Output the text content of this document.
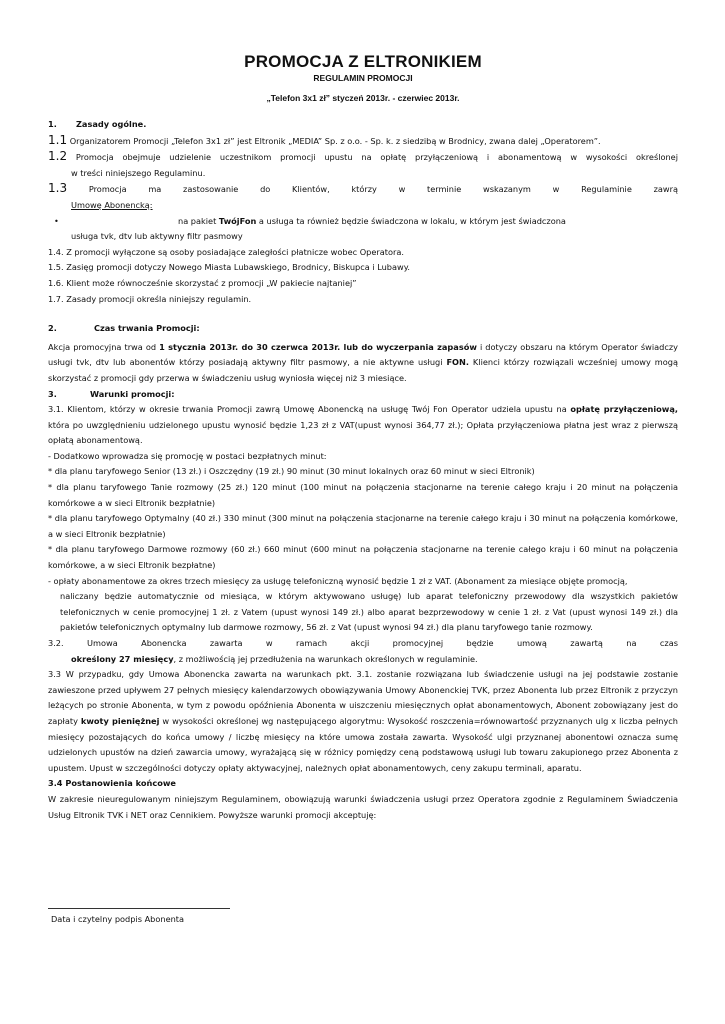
PROMOCJA Z ELTRONIKIEM
REGULAMIN PROMOCJI
„Telefon 3x1 zł” styczeń 2013r. - czerwiec 2013r.
1. Zasady ogólne.

1.1 Organizatorem Promocji „Telefon 3x1 zł” jest Eltronik „MEDIA” Sp. z o.o. - Sp. k. z siedzibą w Brodnicy, zwana dalej „Operatorem”.

1.2 Promocja obejmuje udzielenie uczestnikom promocji upustu na opłatę przyłączeniową i abonamentową w wysokości określonej

w treści niniejszego Regulaminu.

1.3	Promocja ma zastosowanie do Klientów, którzy w terminie wskazanym w Regulaminie zawrą

Umowę Abonencką:

•	na pakiet TwójFon a usługa ta również będzie świadczona w lokalu, w którym jest świadczona

usługa tvk, dtv lub aktywny filtr pasmowy

1.4. Z promocji wyłączone są osoby posiadające zaległości płatnicze wobec Operatora.

1.5. Zasięg promocji dotyczy Nowego Miasta Lubawskiego, Brodnicy, Biskupca i Lubawy.

1.6. Klient może równocześnie skorzystać z promocji „W pakiecie najtaniej”

1.7. Zasady promocji określa niniejszy regulamin.

2.	Czas trwania Promocji:

Akcja promocyjna trwa od 1 stycznia 2013r. do 30 czerwca 2013r. lub do wyczerpania zapasów i dotyczy obszaru na którym Operator świadczy usługi tvk, dtv lub abonentów którzy posiadają aktywny filtr pasmowy, a nie aktywne usługi FON. Klienci którzy rozwiązali wcześniej umowy mogą skorzystać z promocji gdy przerwa w świadczeniu usług wyniosła więcej niż 3 miesiące.

3.	Warunki promocji:

3.1. Klientom, którzy w okresie trwania Promocji zawrą Umowę Abonencką na usługę Twój Fon Operator udziela upustu na opłatę przyłączeniową, która po uwzględnieniu udzielonego upustu wynosić będzie 1,23 zł z VAT(upust wynosi 364,77 zł.); Opłata przyłączeniowa płatna jest wraz z pierwszą opłatą abonamentową.

- Dodatkowo wprowadza się promocję w postaci bezpłatnych minut:

* dla planu taryfowego Senior (13 zł.) i Oszczędny (19 zł.) 90 minut (30 minut lokalnych oraz 60 minut w sieci Eltronik)

* dla planu taryfowego Tanie rozmowy (25 zł.) 120 minut (100 minut na połączenia stacjonarne na terenie całego kraju i 20 minut na połączenia komórkowe a w sieci Eltronik bezpłatnie)

* dla planu taryfowego Optymalny (40 zł.) 330 minut (300 minut na połączenia stacjonarne na terenie całego kraju i 30 minut na połączenia komórkowe, a w sieci Eltronik bezpłatnie)

* dla planu taryfowego Darmowe rozmowy (60 zł.) 660 minut (600 minut na połączenia stacjonarne na terenie całego kraju i 60 minut na połączenia komórkowe, a w sieci Eltronik bezpłatne)

- opłaty abonamentowe za okres trzech miesięcy za usługę telefoniczną wynosić będzie 1 zł z VAT. (Abonament za miesiące objęte promocją,

naliczany będzie automatycznie od miesiąca, w którym aktywowano usługę) lub aparat telefoniczny przewodowy dla wszystkich pakietów telefonicznych w cenie promocyjnej 1 zł. z Vatem (upust wynosi 149 zł.) albo aparat bezprzewodowy w cenie 1 zł. z Vat (upust wynosi 149 zł.) dla pakietów telefonicznych optymalny lub darmowe rozmowy, 56 zł. z Vat (upust wynosi 94 zł.) dla planu taryfowego tanie rozmowy.

3.2. Umowa Abonencka zawarta w ramach akcji promocyjnej będzie umową zawartą na czas

określony 27 miesięcy, z możliwością jej przedłużenia na warunkach określonych w regulaminie.

3.3 W przypadku, gdy Umowa Abonencka zawarta na warunkach pkt. 3.1. zostanie rozwiązana lub świadczenie usługi na jej podstawie zostanie zawieszone przed upływem 27 pełnych miesięcy kalendarzowych obowiązywania Umowy Abonenckiej TVK, przez Abonenta lub przez Eltronik z przyczyn leżących po stronie Abonenta, w tym z powodu opóźnienia Abonenta w uiszczeniu miesięcznych opłat abonamentowych, Abonent zobowiązany jest do zapłaty kwoty pieniężnej w wysokości określonej wg następującego algorytmu: Wysokość roszczenia=równowartość przyznanych ulg x liczba pełnych miesięcy pozostających do końca umowy / liczbę miesięcy na które umowa została zawarta. Wysokość ulgi przyznanej abonentowi oznacza sumę udzielonych upustów na dzień zawarcia umowy, wyrażającą się w różnicy pomiędzy ceną podstawową usługi lub towaru zakupionego przez Abonenta z upustem. Upust w szczególności dotyczy opłaty aktywacyjnej, należnych opłat abonamentowych, ceny zakupu terminali, aparatu.

3.4 Postanowienia końcowe

W zakresie nieuregulowanym niniejszym Regulaminem, obowiązują warunki świadczenia usługi przez Operatora zgodnie z Regulaminem Świadczenia Usług Eltronik TVK i NET oraz Cennikiem. Powyższe warunki promocji akceptuję:

Data i czytelny podpis Abonenta
